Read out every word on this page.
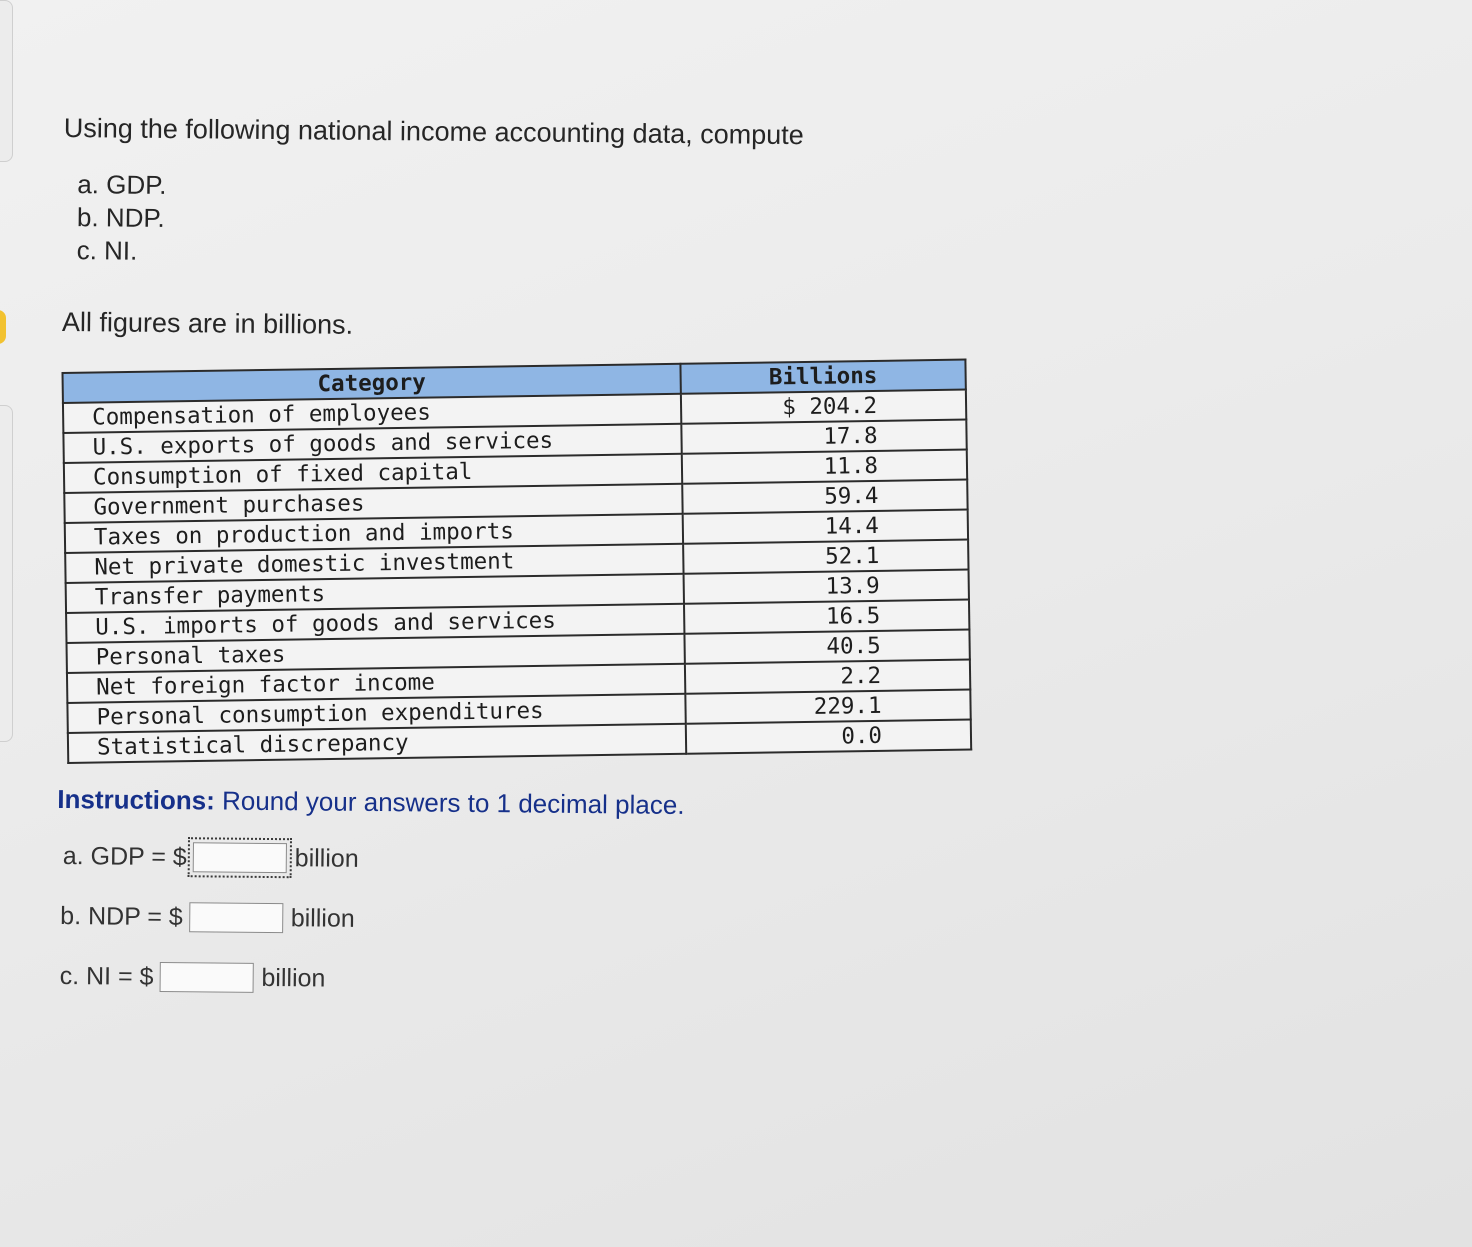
Using the following national income accounting data, compute

a. GDP.
b. NDP.
c. NI.

All figures are in billions.

Category	Billions
Compensation of employees	$ 204.2
U.S. exports of goods and services	17.8
Consumption of fixed capital	11.8
Government purchases	59.4
Taxes on production and imports	14.4
Net private domestic investment	52.1
Transfer payments	13.9
U.S. imports of goods and services	16.5
Personal taxes	40.5
Net foreign factor income	2.2
Personal consumption expenditures	229.1
Statistical discrepancy	0.0

Instructions: Round your answers to 1 decimal place.

a. GDP = $	billion
b. NDP = $	billion
c. NI = $	billion
